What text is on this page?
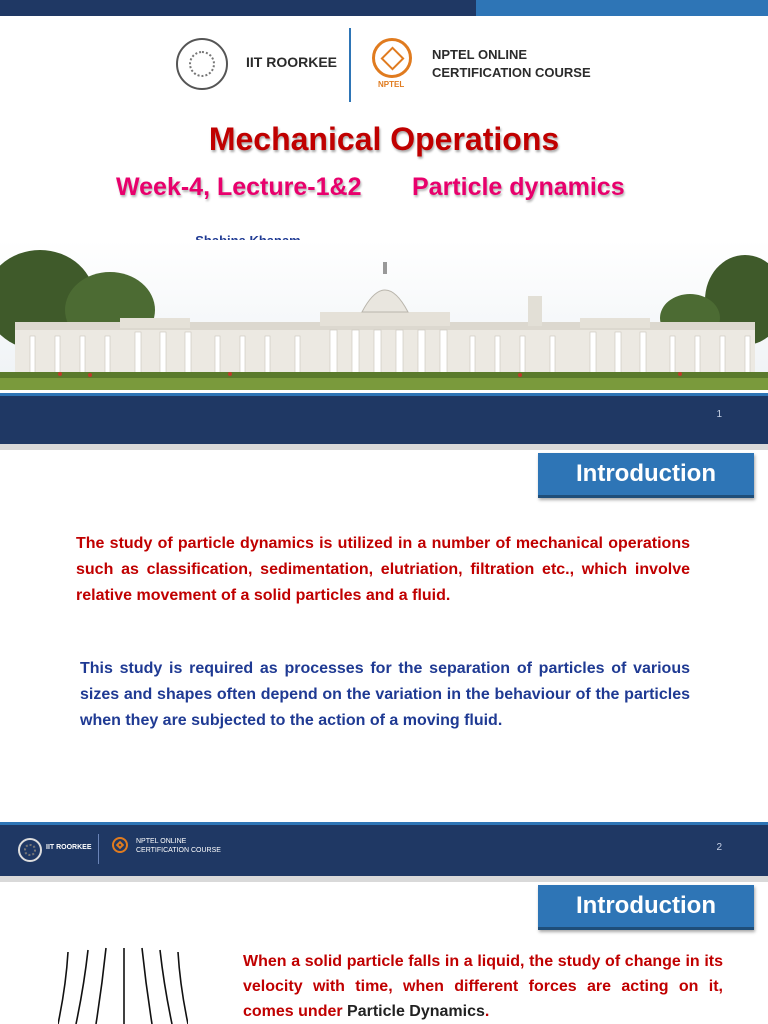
IIT ROORKEE
NPTEL
NPTEL ONLINE
CERTIFICATION COURSE
Mechanical Operations
Week-4, Lecture-1&2 Particle dynamics
1
Introduction
The study of particle dynamics is utilized in a number of mechanical operations such as classification, sedimentation, elutriation, filtration etc., which involve relative movement of a solid particles and a fluid.
This study is required as processes for the separation of particles of various sizes and shapes often depend on the variation in the behaviour of the particles when they are subjected to the action of a moving fluid.
IIT ROORKEE
NPTEL ONLINE
CERTIFICATION COURSE	2
Introduction
When a solid particle falls in a liquid, the study of change in its velocity with time, when different forces are acting on it, comes under Particle Dynamics.
